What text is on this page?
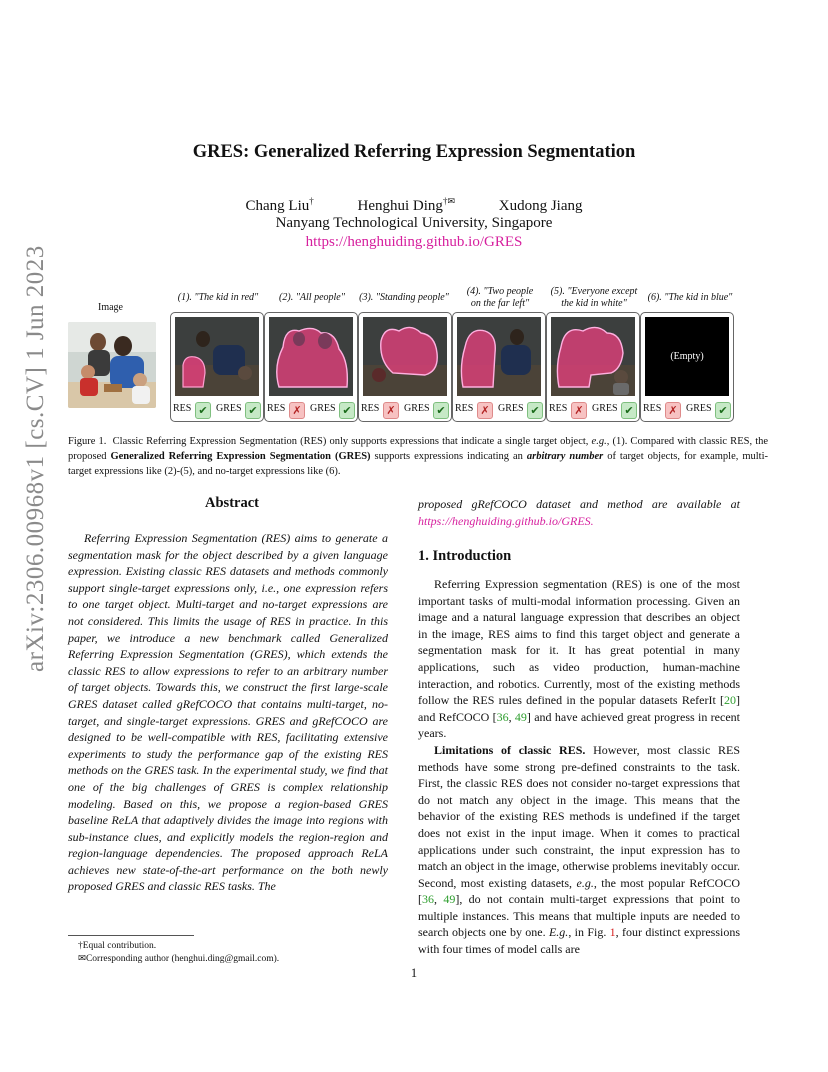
arXiv:2306.00968v1 [cs.CV] 1 Jun 2023
GRES: Generalized Referring Expression Segmentation
Chang Liu†	Henghui Ding†✉	Xudong Jiang
Nanyang Technological University, Singapore
https://henghuiding.github.io/GRES
Image
(1). "The kid in red"	(2). "All people"	(3). "Standing people"
(4). "Two people
on the far left"
(5). "Everyone except
the kid in white"
(6). "The kid in blue"
RES ✔ GRES ✔ RES ✗ GRES ✔ RES ✗ GRES ✔ RES ✗ GRES ✔ RES ✗ GRES ✔
(Empty)
RES ✗ GRES ✔
Figure 1. Classic Referring Expression Segmentation (RES) only supports expressions that indicate a single target object, e.g., (1). Compared with classic RES, the proposed Generalized Referring Expression Segmentation (GRES) supports expressions indicating an arbitrary number of target objects, for example, multi-target expressions like (2)-(5), and no-target expressions like (6).
Abstract
Referring Expression Segmentation (RES) aims to generate a segmentation mask for the object described by a given language expression. Existing classic RES datasets and methods commonly support single-target expressions only, i.e., one expression refers to one target object. Multi-target and no-target expressions are not considered. This limits the usage of RES in practice. In this paper, we introduce a new benchmark called Generalized Referring Expression Segmentation (GRES), which extends the classic RES to allow expressions to refer to an arbitrary number of target objects. Towards this, we construct the first large-scale GRES dataset called gRefCOCO that contains multi-target, no-target, and single-target expressions. GRES and gRefCOCO are designed to be well-compatible with RES, facilitating extensive experiments to study the performance gap of the existing RES methods on the GRES task. In the experimental study, we find that one of the big challenges of GRES is complex relationship modeling. Based on this, we propose a region-based GRES baseline ReLA that adaptively divides the image into regions with sub-instance clues, and explicitly models the region-region and region-language dependencies. The proposed approach ReLA achieves new state-of-the-art performance on the both newly proposed GRES and classic RES tasks. The
proposed gRefCOCO dataset and method are available at https://henghuiding.github.io/GRES.
1. Introduction

Referring Expression segmentation (RES) is one of the most important tasks of multi-modal information processing. Given an image and a natural language expression that describes an object in the image, RES aims to find this target object and generate a segmentation mask for it. It has great potential in many applications, such as video production, human-machine interaction, and robotics. Currently, most of the existing methods follow the RES rules defined in the popular datasets ReferIt [20] and RefCOCO [36, 49] and have achieved great progress in recent years.

Limitations of classic RES. However, most classic RES methods have some strong pre-defined constraints to the task. First, the classic RES does not consider no-target expressions that do not match any object in the image. This means that the behavior of the existing RES methods is undefined if the target does not exist in the input image. When it comes to practical applications under such constraint, the input expression has to match an object in the image, otherwise problems inevitably occur. Second, most existing datasets, e.g., the most popular RefCOCO [36, 49], do not contain multi-target expressions that point to multiple instances. This means that multiple inputs are needed to search objects one by one. E.g., in Fig. 1, four distinct expressions with four times of model calls are

†Equal contribution.
✉Corresponding author (henghui.ding@gmail.com).
1
